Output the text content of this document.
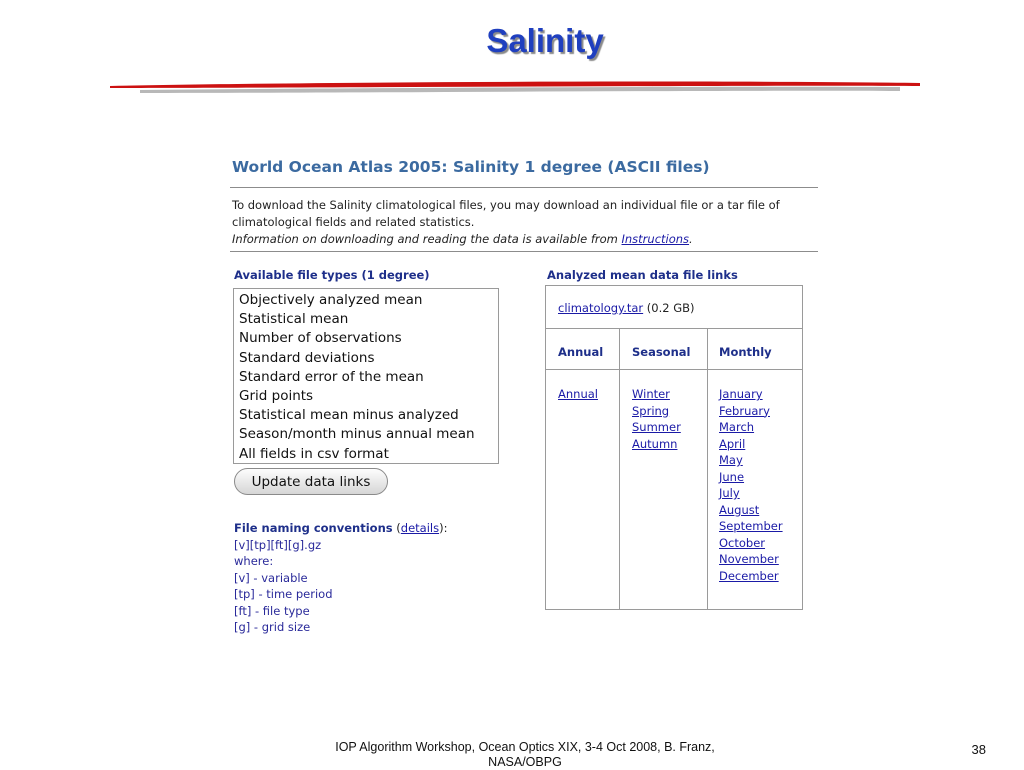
Salinity
World Ocean Atlas 2005: Salinity 1 degree (ASCII files)
To download the Salinity climatological files, you may download an individual file or a tar file of
climatological fields and related statistics.
Information on downloading and reading the data is available from Instructions.
Available file types (1 degree)
Objectively analyzed mean
Statistical mean
Number of observations
Standard deviations
Standard error of the mean
Grid points
Statistical mean minus analyzed
Season/month minus annual mean
All fields in csv format
Update data links
File naming conventions (details):
[v][tp][ft][g].gz
where:
[v] - variable
[tp] - time period
[ft] - file type
[g] - grid size
Analyzed mean data file links
climatology.tar (0.2 GB)
Annual	Seasonal Monthly
Annual	Winter
Spring
Summer
Autumn
January
February
March
April
May
June
July
August
September
October
November
December
IOP Algorithm Workshop, Ocean Optics XIX, 3-4 Oct 2008, B. Franz, NASA/OBPG
38
